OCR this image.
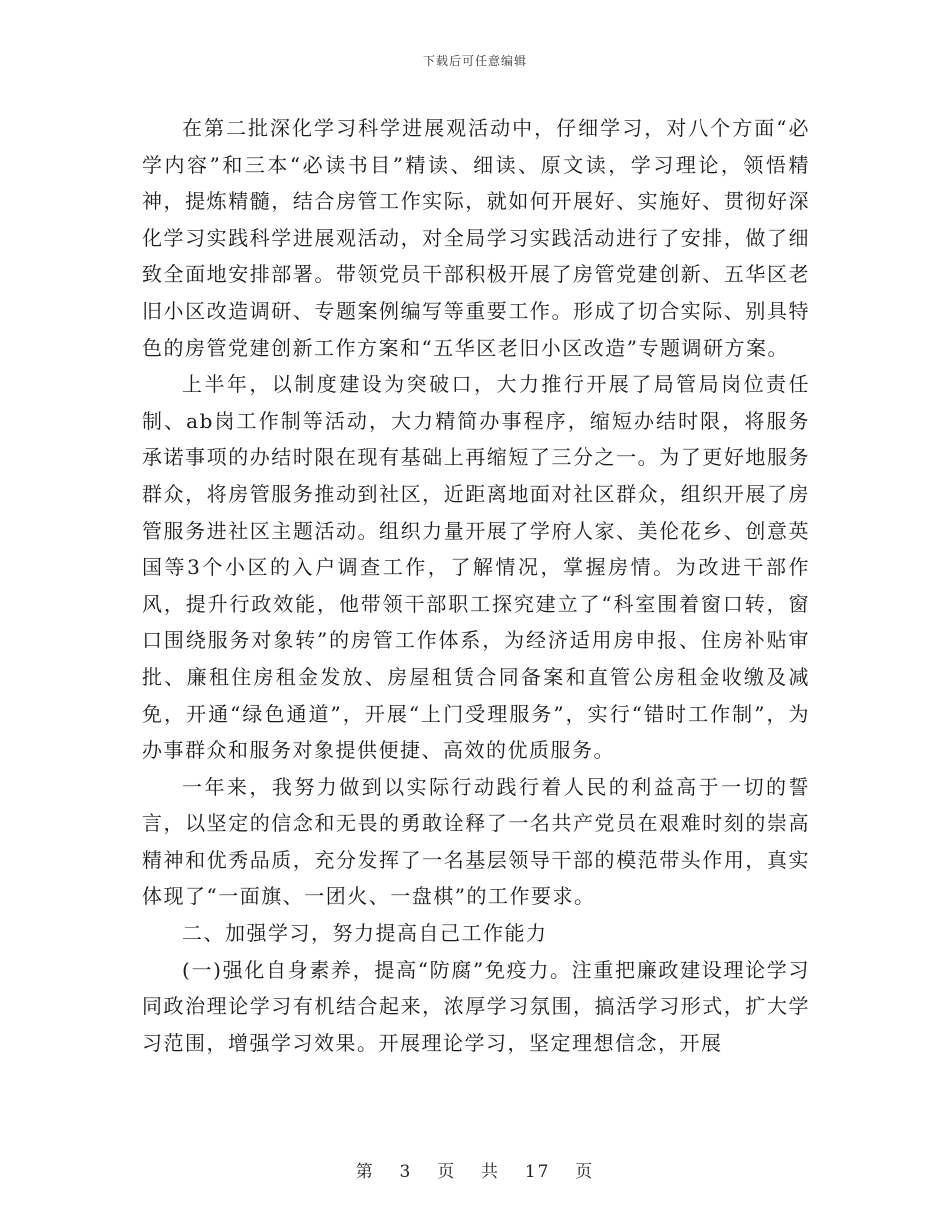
下载后可任意编辑

在第二批深化学习科学进展观活动中，仔细学习，对八个方面“必学内容”和三本“必读书目”精读、细读、原文读，学习理论，领悟精神，提炼精髓，结合房管工作实际，就如何开展好、实施好、贯彻好深化学习实践科学进展观活动，对全局学习实践活动进行了安排，做了细致全面地安排部署。带领党员干部积极开展了房管党建创新、五华区老旧小区改造调研、专题案例编写等重要工作。形成了切合实际、别具特色的房管党建创新工作方案和“五华区老旧小区改造”专题调研方案。

上半年，以制度建设为突破口，大力推行开展了局管局岗位责任制、ab岗工作制等活动，大力精简办事程序，缩短办结时限，将服务承诺事项的办结时限在现有基础上再缩短了三分之一。为了更好地服务群众，将房管服务推动到社区，近距离地面对社区群众，组织开展了房管服务进社区主题活动。组织力量开展了学府人家、美伦花乡、创意英国等3个小区的入户调查工作，了解情况，掌握房情。为改进干部作风，提升行政效能，他带领干部职工探究建立了“科室围着窗口转，窗口围绕服务对象转”的房管工作体系，为经济适用房申报、住房补贴审批、廉租住房租金发放、房屋租赁合同备案和直管公房租金收缴及减免，开通“绿色通道”，开展“上门受理服务”，实行“错时工作制”，为办事群众和服务对象提供便捷、高效的优质服务。

一年来，我努力做到以实际行动践行着人民的利益高于一切的誓言，以坚定的信念和无畏的勇敢诠释了一名共产党员在艰难时刻的崇高精神和优秀品质，充分发挥了一名基层领导干部的模范带头作用，真实体现了“一面旗、一团火、一盘棋”的工作要求。

二、加强学习，努力提高自己工作能力

(一)强化自身素养，提高“防腐”免疫力。注重把廉政建设理论学习同政治理论学习有机结合起来，浓厚学习氛围，搞活学习形式，扩大学习范围，增强学习效果。开展理论学习，坚定理想信念，开展

第 3 页 共 17 页
